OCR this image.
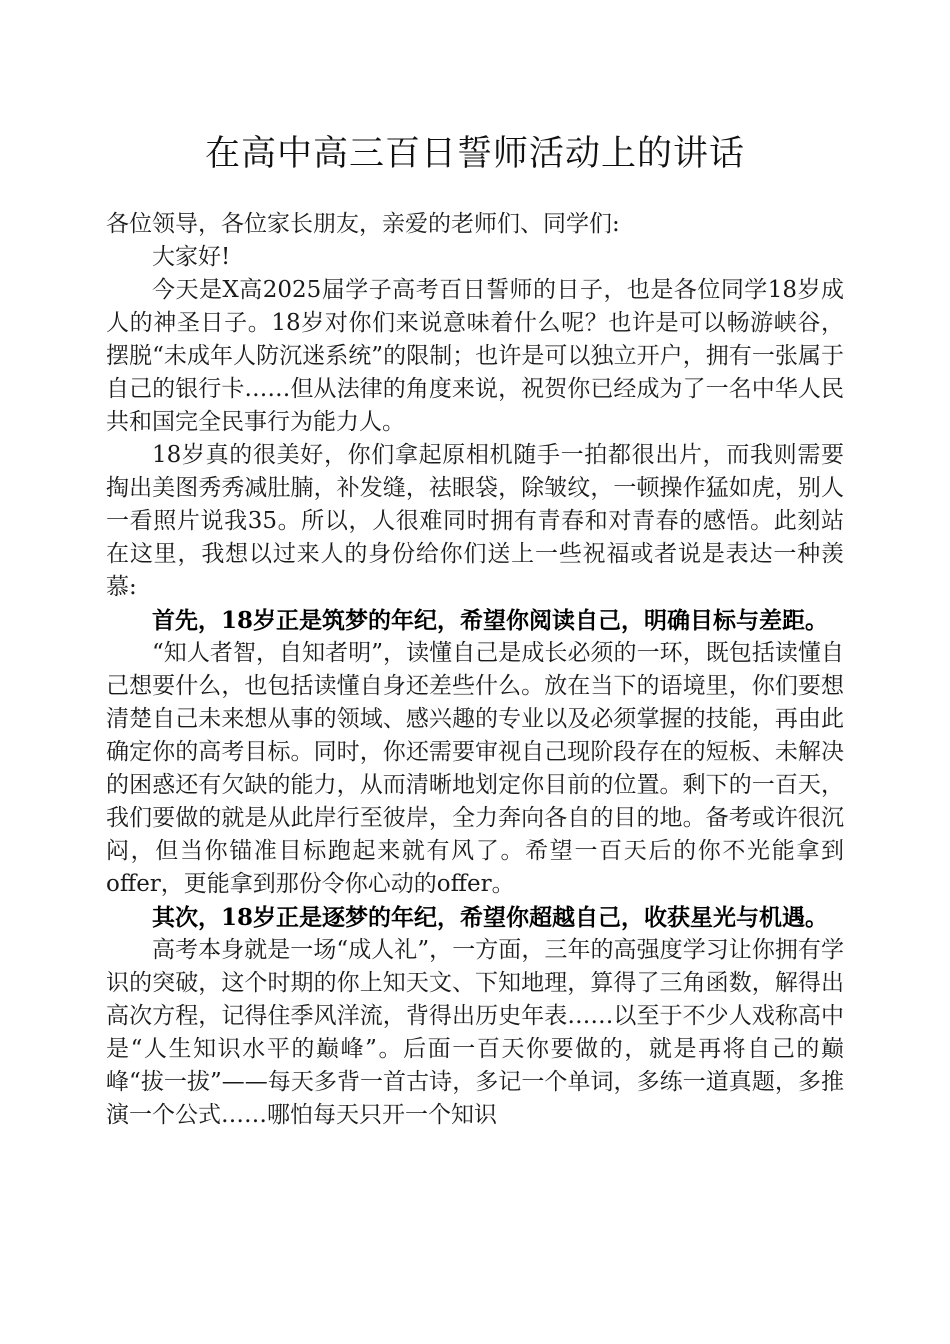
在高中高三百日誓师活动上的讲话

各位领导，各位家长朋友，亲爱的老师们、同学们:

大家好!

今天是X高2025届学子高考百日誓师的日子，也是各位同学18岁成人的神圣日子。18岁对你们来说意味着什么呢？也许是可以畅游峡谷，摆脱“未成年人防沉迷系统”的限制；也许是可以独立开户，拥有一张属于自己的银行卡……但从法律的角度来说，祝贺你已经成为了一名中华人民共和国完全民事行为能力人。

18岁真的很美好，你们拿起原相机随手一拍都很出片，而我则需要掏出美图秀秀减肚腩，补发缝，祛眼袋，除皱纹，一顿操作猛如虎，别人一看照片说我35。所以，人很难同时拥有青春和对青春的感悟。此刻站在这里，我想以过来人的身份给你们送上一些祝福或者说是表达一种羡慕:

首先，18岁正是筑梦的年纪，希望你阅读自己，明确目标与差距。

“知人者智，自知者明”，读懂自己是成长必须的一环，既包括读懂自己想要什么，也包括读懂自身还差些什么。放在当下的语境里，你们要想清楚自己未来想从事的领域、感兴趣的专业以及必须掌握的技能，再由此确定你的高考目标。同时，你还需要审视自己现阶段存在的短板、未解决的困惑还有欠缺的能力，从而清晰地划定你目前的位置。剩下的一百天，我们要做的就是从此岸行至彼岸，全力奔向各自的目的地。备考或许很沉闷，但当你锚准目标跑起来就有风了。希望一百天后的你不光能拿到offer，更能拿到那份令你心动的offer。

其次，18岁正是逐梦的年纪，希望你超越自己，收获星光与机遇。

高考本身就是一场“成人礼”，一方面，三年的高强度学习让你拥有学识的突破，这个时期的你上知天文、下知地理，算得了三角函数，解得出高次方程，记得住季风洋流，背得出历史年表……以至于不少人戏称高中是“人生知识水平的巅峰”。后面一百天你要做的，就是再将自己的巅峰“拔一拔”——每天多背一首古诗，多记一个单词，多练一道真题，多推演一个公式……哪怕每天只开一个知识
